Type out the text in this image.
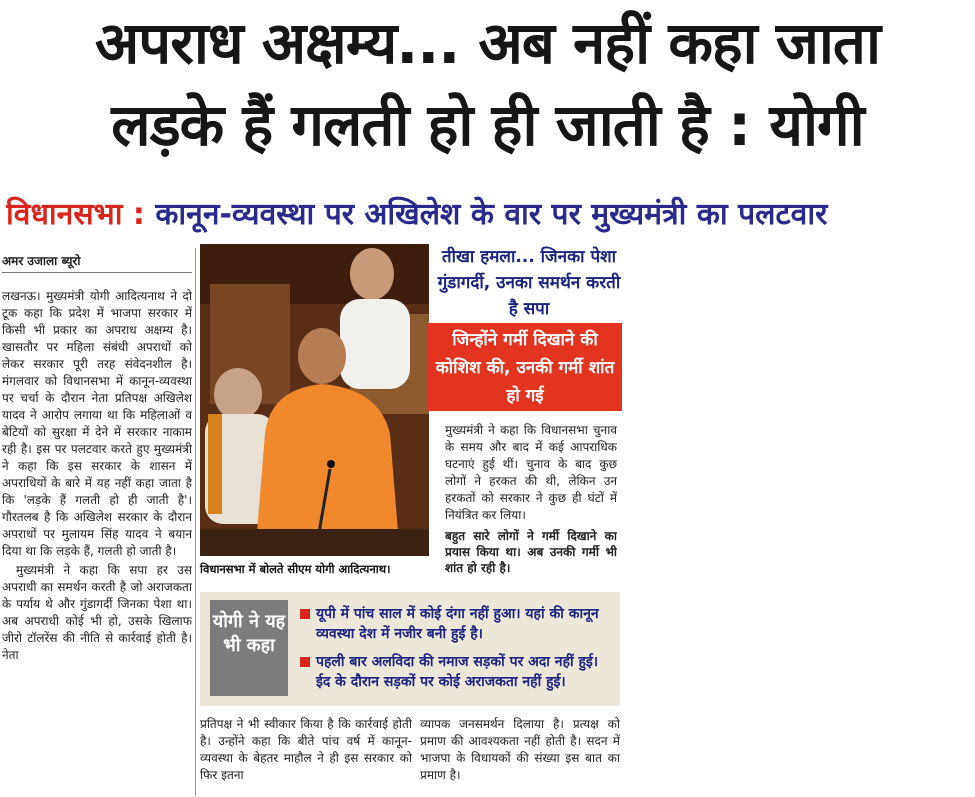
अपराध अक्षम्य... अब नहीं कहा जाता
लड़के हैं गलती हो ही जाती है : योगी
विधानसभा : कानून-व्यवस्था पर अखिलेश के वार पर मुख्यमंत्री का पलटवार
अमर उजाला ब्यूरो

लखनऊ। मुख्यमंत्री योगी आदित्यनाथ ने दो टूक कहा कि प्रदेश में भाजपा सरकार में किसी भी प्रकार का अपराध अक्षम्य है। खासतौर पर महिला संबंधी अपराधों को लेकर सरकार पूरी तरह संवेदनशील है। मंगलवार को विधानसभा में कानून-व्यवस्था पर चर्चा के दौरान नेता प्रतिपक्ष अखिलेश यादव ने आरोप लगाया था कि महिलाओं व बेटियों को सुरक्षा में देने में सरकार नाकाम रही है। इस पर पलटवार करते हुए मुख्यमंत्री ने कहा कि इस सरकार के शासन में अपराधियों के बारे में यह नहीं कहा जाता है कि 'लड़के हैं गलती हो ही जाती है'। गौरतलब है कि अखिलेश सरकार के दौरान अपराधों पर मुलायम सिंह यादव ने बयान दिया था कि लड़के हैं, गलती हो जाती है।

मुख्यमंत्री ने कहा कि सपा हर उस अपराधी का समर्थन करती है जो अराजकता के पर्याय थे और गुंडागर्दी जिनका पेशा था। अब अपराधी कोई भी हो, उसके खिलाफ जीरो टॉलरेंस की नीति से कार्रवाई होती है। नेता

विधानसभा में बोलते सीएम योगी आदित्यनाथ।
तीखा हमला... जिनका पेशा गुंडागर्दी, उनका समर्थन करती है सपा
जिन्होंने गर्मी दिखाने की कोशिश की, उनकी गर्मी शांत हो गई

मुख्यमंत्री ने कहा कि विधानसभा चुनाव के समय और बाद में कई आपराधिक घटनाएं हुई थीं। चुनाव के बाद कुछ लोगों ने हरकत की थी, लेकिन उन हरकतों को सरकार ने कुछ ही घंटों में नियंत्रित कर लिया।

बहुत सारे लोगों ने गर्मी दिखाने का प्रयास किया था। अब उनकी गर्मी भी शांत हो रही है।
योगी ने यह भी कहा
यूपी में पांच साल में कोई दंगा नहीं हुआ। यहां की कानून व्यवस्था देश में नजीर बनी हुई है।
पहली बार अलविदा की नमाज सड़कों पर अदा नहीं हुई। ईद के दौरान सड़कों पर कोई अराजकता नहीं हुई।
प्रतिपक्ष ने भी स्वीकार किया है कि कार्रवाई होती है। उन्होंने कहा कि बीते पांच वर्ष में कानून-व्यवस्था के बेहतर माहौल ने ही इस सरकार को फिर इतना
व्यापक जनसमर्थन दिलाया है। प्रत्यक्ष को प्रमाण की आवश्यकता नहीं होती है। सदन में भाजपा के विधायकों की संख्या इस बात का प्रमाण है।
